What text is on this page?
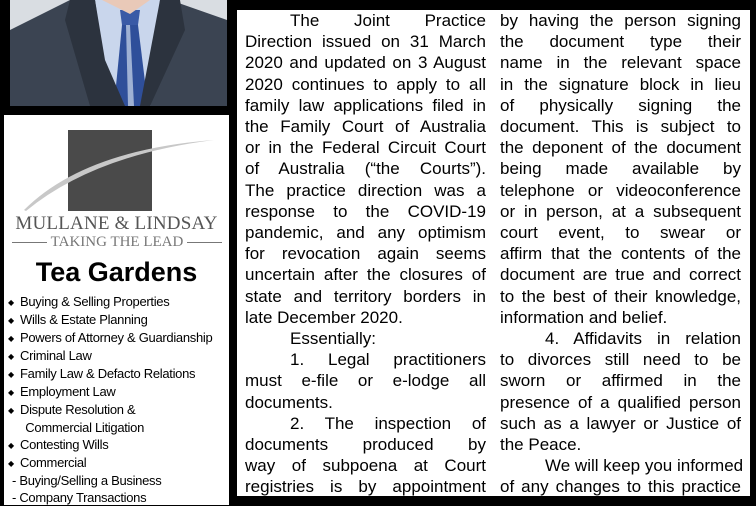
MULLANE & LINDSAY
TAKING THE LEAD
Tea Gardens
◆ Buying & Selling Properties
◆ Wills & Estate Planning
◆ Powers of Attorney & Guardianship
◆ Criminal Law
◆ Family Law & Defacto Relations
◆ Employment Law
◆ Dispute Resolution &
Commercial Litigation
◆ Contesting Wills
◆ Commercial
- Buying/Selling a Business
- Company Transactions
The Joint Practice
Direction issued on 31 March
2020 and updated on 3 August
2020 continues to apply to all
family law applications filed in
the Family Court of Australia
or in the Federal Circuit Court
of Australia (“the Courts”).
The practice direction was a
response to the COVID-19
pandemic, and any optimism
for revocation again seems
uncertain after the closures of
state and territory borders in
late December 2020.
Essentially:
1. Legal practitioners
must e-file or e-lodge all
documents.
2. The inspection of
documents produced by
way of subpoena at Court
registries is by appointment
by having the person signing
the document type their
name in the relevant space
in the signature block in lieu
of physically signing the
document. This is subject to
the deponent of the document
being made available by
telephone or videoconference
or in person, at a subsequent
court event, to swear or
affirm that the contents of the
document are true and correct
to the best of their knowledge,
information and belief.
4. Affidavits in relation
to divorces still need to be
sworn or affirmed in the
presence of a qualified person
such as a lawyer or Justice of
the Peace.
We will keep you informed
of any changes to this practice
